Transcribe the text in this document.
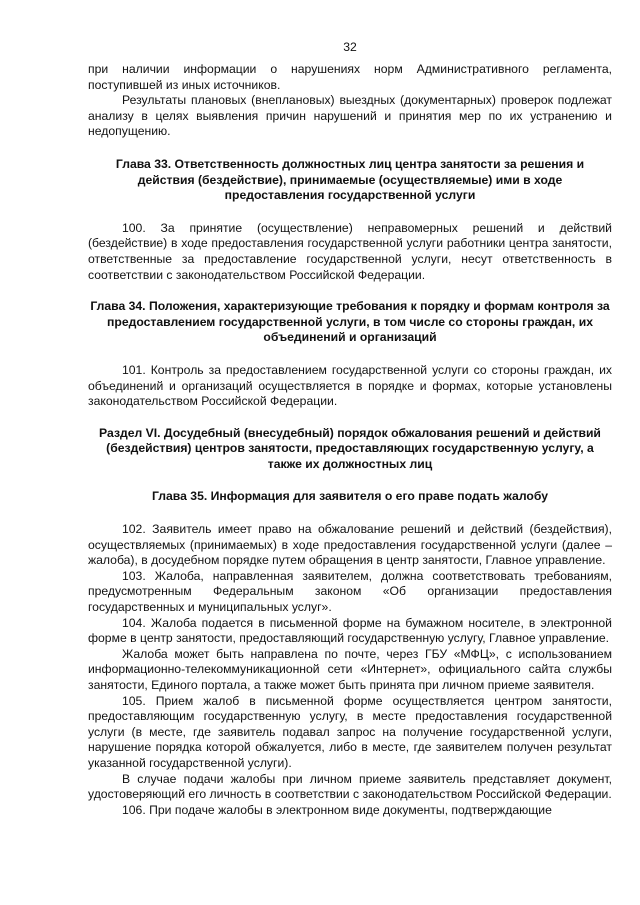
32

при наличии информации о нарушениях норм Административного регламента, поступившей из иных источников.

Результаты плановых (внеплановых) выездных (документарных) проверок подлежат анализу в целях выявления причин нарушений и принятия мер по их устранению и недопущению.

Глава 33. Ответственность должностных лиц центра занятости за решения и действия (бездействие), принимаемые (осуществляемые) ими в ходе предоставления государственной услуги

100. За принятие (осуществление) неправомерных решений и действий (бездействие) в ходе предоставления государственной услуги работники центра занятости, ответственные за предоставление государственной услуги, несут ответственность в соответствии с законодательством Российской Федерации.

Глава 34. Положения, характеризующие требования к порядку и формам контроля за предоставлением государственной услуги, в том числе со стороны граждан, их объединений и организаций

101. Контроль за предоставлением государственной услуги со стороны граждан, их объединений и организаций осуществляется в порядке и формах, которые установлены законодательством Российской Федерации.

Раздел VI. Досудебный (внесудебный) порядок обжалования решений и действий (бездействия) центров занятости, предоставляющих государственную услугу, а также их должностных лиц
Глава 35. Информация для заявителя о его праве подать жалобу

102. Заявитель имеет право на обжалование решений и действий (бездействия), осуществляемых (принимаемых) в ходе предоставления государственной услуги (далее – жалоба), в досудебном порядке путем обращения в центр занятости, Главное управление.

103. Жалоба, направленная заявителем, должна соответствовать требованиям, предусмотренным Федеральным законом «Об организации предоставления государственных и муниципальных услуг».

104. Жалоба подается в письменной форме на бумажном носителе, в электронной форме в центр занятости, предоставляющий государственную услугу, Главное управление.

Жалоба может быть направлена по почте, через ГБУ «МФЦ», с использованием информационно-телекоммуникационной сети «Интернет», официального сайта службы занятости, Единого портала, а также может быть принята при личном приеме заявителя.

105. Прием жалоб в письменной форме осуществляется центром занятости, предоставляющим государственную услугу, в месте предоставления государственной услуги (в месте, где заявитель подавал запрос на получение государственной услуги, нарушение порядка которой обжалуется, либо в месте, где заявителем получен результат указанной государственной услуги).

В случае подачи жалобы при личном приеме заявитель представляет документ, удостоверяющий его личность в соответствии с законодательством Российской Федерации.

106. При подаче жалобы в электронном виде документы, подтверждающие
